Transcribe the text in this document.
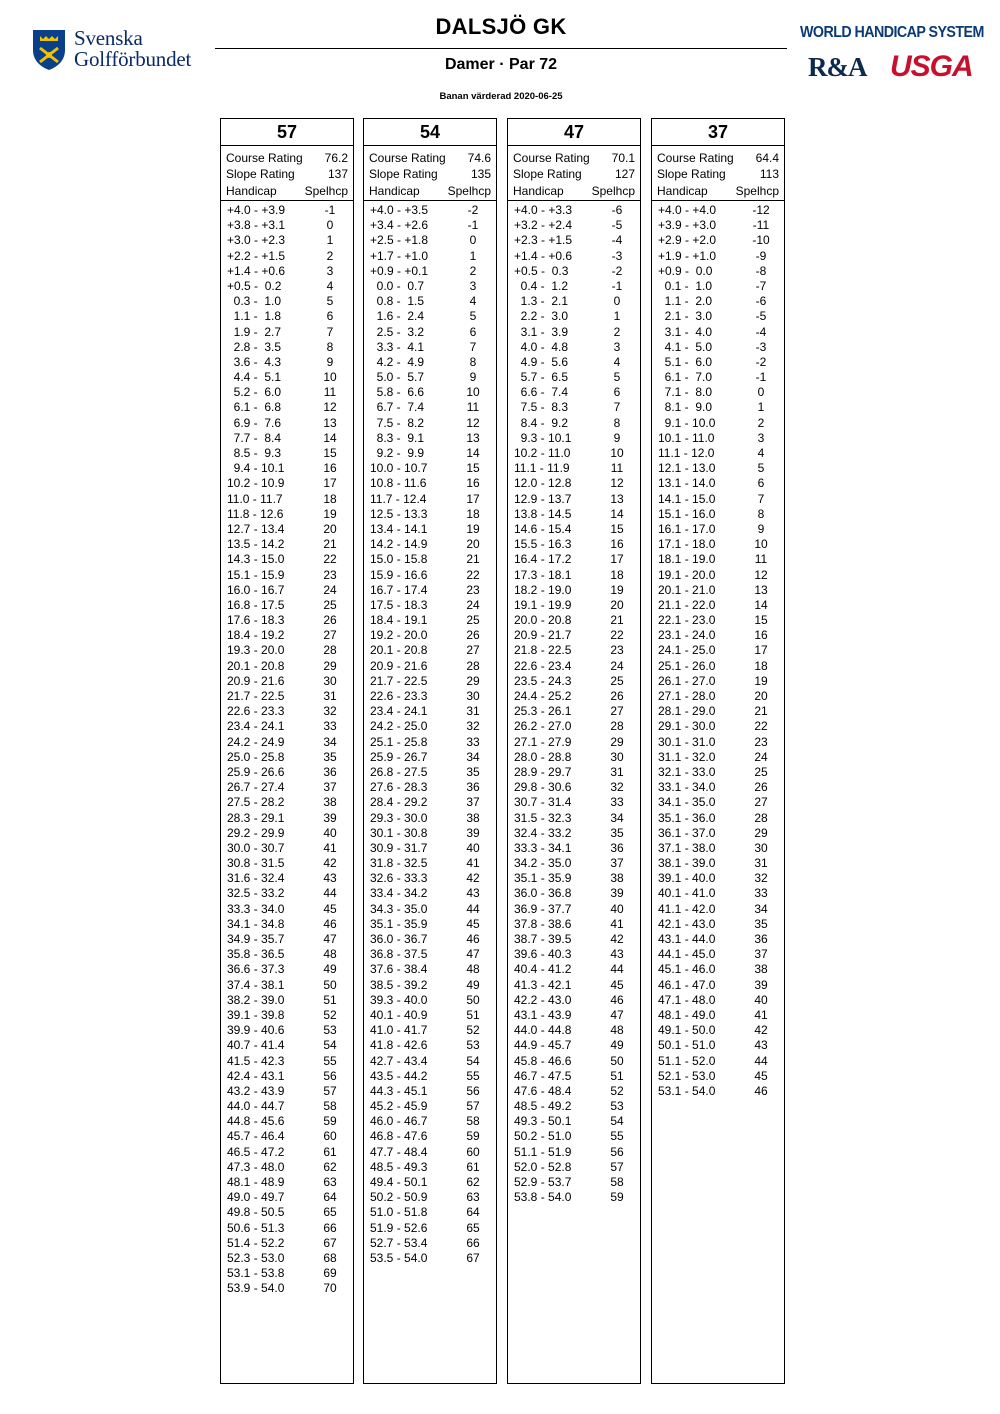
Svenska
Golfförbundet
DALSJÖ GK
Damer · Par 72
Banan värderad 2020-06-25
WORLD HANDICAP SYSTEM
R&A USGA
57
Course Rating 76.2
Slope Rating	137
Handicap Spelhcp
+4.0 - +3.9	-1
+3.8 - +3.1	0
+3.0 - +2.3	1
+2.2 - +1.5	2
+1.4 - +0.6	3
+0.5 -  0.2	4
0.3 -  1.0	5
1.1 -  1.8	6
1.9 -  2.7	7
2.8 -  3.5	8
3.6 -  4.3	9
4.4 -  5.1	10
5.2 -  6.0	11
6.1 -  6.8	12
6.9 -  7.6	13
7.7 -  8.4	14
8.5 -  9.3	15
9.4 - 10.1	16
10.2 - 10.9	17
11.0 - 11.7	18
11.8 - 12.6	19
12.7 - 13.4	20
13.5 - 14.2	21
14.3 - 15.0	22
15.1 - 15.9	23
16.0 - 16.7	24
16.8 - 17.5	25
17.6 - 18.3	26
18.4 - 19.2	27
19.3 - 20.0	28
20.1 - 20.8	29
20.9 - 21.6	30
21.7 - 22.5	31
22.6 - 23.3	32
23.4 - 24.1	33
24.2 - 24.9	34
25.0 - 25.8	35
25.9 - 26.6	36
26.7 - 27.4	37
27.5 - 28.2	38
28.3 - 29.1	39
29.2 - 29.9	40
30.0 - 30.7	41
30.8 - 31.5	42
31.6 - 32.4	43
32.5 - 33.2	44
33.3 - 34.0	45
34.1 - 34.8	46
34.9 - 35.7	47
35.8 - 36.5	48
36.6 - 37.3	49
37.4 - 38.1	50
38.2 - 39.0	51
39.1 - 39.8	52
39.9 - 40.6	53
40.7 - 41.4	54
41.5 - 42.3	55
42.4 - 43.1	56
43.2 - 43.9	57
44.0 - 44.7	58
44.8 - 45.6	59
45.7 - 46.4	60
46.5 - 47.2	61
47.3 - 48.0	62
48.1 - 48.9	63
49.0 - 49.7	64
49.8 - 50.5	65
50.6 - 51.3	66
51.4 - 52.2	67
52.3 - 53.0	68
53.1 - 53.8	69
53.9 - 54.0	70
54
Course Rating 74.6
Slope Rating	135
Handicap Spelhcp
+4.0 - +3.5	-2
+3.4 - +2.6	-1
+2.5 - +1.8	0
+1.7 - +1.0	1
+0.9 - +0.1	2
0.0 -  0.7	3
0.8 -  1.5	4
1.6 -  2.4	5
2.5 -  3.2	6
3.3 -  4.1	7
4.2 -  4.9	8
5.0 -  5.7	9
5.8 -  6.6	10
6.7 -  7.4	11
7.5 -  8.2	12
8.3 -  9.1	13
9.2 -  9.9	14
10.0 - 10.7	15
10.8 - 11.6	16
11.7 - 12.4	17
12.5 - 13.3	18
13.4 - 14.1	19
14.2 - 14.9	20
15.0 - 15.8	21
15.9 - 16.6	22
16.7 - 17.4	23
17.5 - 18.3	24
18.4 - 19.1	25
19.2 - 20.0	26
20.1 - 20.8	27
20.9 - 21.6	28
21.7 - 22.5	29
22.6 - 23.3	30
23.4 - 24.1	31
24.2 - 25.0	32
25.1 - 25.8	33
25.9 - 26.7	34
26.8 - 27.5	35
27.6 - 28.3	36
28.4 - 29.2	37
29.3 - 30.0	38
30.1 - 30.8	39
30.9 - 31.7	40
31.8 - 32.5	41
32.6 - 33.3	42
33.4 - 34.2	43
34.3 - 35.0	44
35.1 - 35.9	45
36.0 - 36.7	46
36.8 - 37.5	47
37.6 - 38.4	48
38.5 - 39.2	49
39.3 - 40.0	50
40.1 - 40.9	51
41.0 - 41.7	52
41.8 - 42.6	53
42.7 - 43.4	54
43.5 - 44.2	55
44.3 - 45.1	56
45.2 - 45.9	57
46.0 - 46.7	58
46.8 - 47.6	59
47.7 - 48.4	60
48.5 - 49.3	61
49.4 - 50.1	62
50.2 - 50.9	63
51.0 - 51.8	64
51.9 - 52.6	65
52.7 - 53.4	66
53.5 - 54.0	67
47
Course Rating 70.1
Slope Rating	127
Handicap Spelhcp
+4.0 - +3.3	-6
+3.2 - +2.4	-5
+2.3 - +1.5	-4
+1.4 - +0.6	-3
+0.5 -  0.3	-2
0.4 -  1.2	-1
1.3 -  2.1	0
2.2 -  3.0	1
3.1 -  3.9	2
4.0 -  4.8	3
4.9 -  5.6	4
5.7 -  6.5	5
6.6 -  7.4	6
7.5 -  8.3	7
8.4 -  9.2	8
9.3 - 10.1	9
10.2 - 11.0	10
11.1 - 11.9	11
12.0 - 12.8	12
12.9 - 13.7	13
13.8 - 14.5	14
14.6 - 15.4	15
15.5 - 16.3	16
16.4 - 17.2	17
17.3 - 18.1	18
18.2 - 19.0	19
19.1 - 19.9	20
20.0 - 20.8	21
20.9 - 21.7	22
21.8 - 22.5	23
22.6 - 23.4	24
23.5 - 24.3	25
24.4 - 25.2	26
25.3 - 26.1	27
26.2 - 27.0	28
27.1 - 27.9	29
28.0 - 28.8	30
28.9 - 29.7	31
29.8 - 30.6	32
30.7 - 31.4	33
31.5 - 32.3	34
32.4 - 33.2	35
33.3 - 34.1	36
34.2 - 35.0	37
35.1 - 35.9	38
36.0 - 36.8	39
36.9 - 37.7	40
37.8 - 38.6	41
38.7 - 39.5	42
39.6 - 40.3	43
40.4 - 41.2	44
41.3 - 42.1	45
42.2 - 43.0	46
43.1 - 43.9	47
44.0 - 44.8	48
44.9 - 45.7	49
45.8 - 46.6	50
46.7 - 47.5	51
47.6 - 48.4	52
48.5 - 49.2	53
49.3 - 50.1	54
50.2 - 51.0	55
51.1 - 51.9	56
52.0 - 52.8	57
52.9 - 53.7	58
53.8 - 54.0	59
37
Course Rating 64.4
Slope Rating	113
Handicap Spelhcp
+4.0 - +4.0	-12
+3.9 - +3.0	-11
+2.9 - +2.0	-10
+1.9 - +1.0	-9
+0.9 -  0.0	-8
0.1 -  1.0	-7
1.1 -  2.0	-6
2.1 -  3.0	-5
3.1 -  4.0	-4
4.1 -  5.0	-3
5.1 -  6.0	-2
6.1 -  7.0	-1
7.1 -  8.0	0
8.1 -  9.0	1
9.1 - 10.0	2
10.1 - 11.0	3
11.1 - 12.0	4
12.1 - 13.0	5
13.1 - 14.0	6
14.1 - 15.0	7
15.1 - 16.0	8
16.1 - 17.0	9
17.1 - 18.0	10
18.1 - 19.0	11
19.1 - 20.0	12
20.1 - 21.0	13
21.1 - 22.0	14
22.1 - 23.0	15
23.1 - 24.0	16
24.1 - 25.0	17
25.1 - 26.0	18
26.1 - 27.0	19
27.1 - 28.0	20
28.1 - 29.0	21
29.1 - 30.0	22
30.1 - 31.0	23
31.1 - 32.0	24
32.1 - 33.0	25
33.1 - 34.0	26
34.1 - 35.0	27
35.1 - 36.0	28
36.1 - 37.0	29
37.1 - 38.0	30
38.1 - 39.0	31
39.1 - 40.0	32
40.1 - 41.0	33
41.1 - 42.0	34
42.1 - 43.0	35
43.1 - 44.0	36
44.1 - 45.0	37
45.1 - 46.0	38
46.1 - 47.0	39
47.1 - 48.0	40
48.1 - 49.0	41
49.1 - 50.0	42
50.1 - 51.0	43
51.1 - 52.0	44
52.1 - 53.0	45
53.1 - 54.0	46
